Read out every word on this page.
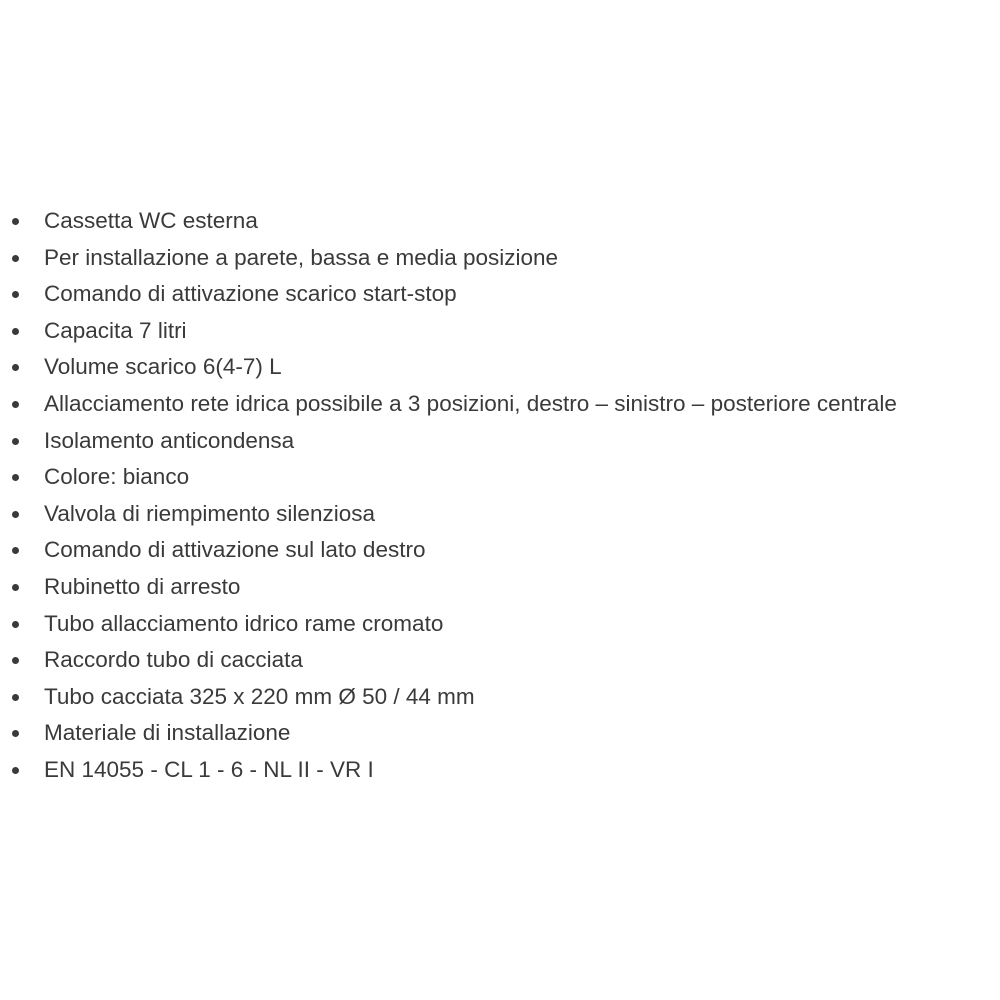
Cassetta WC esterna
Per installazione a parete, bassa e media posizione
Comando di attivazione scarico start-stop
Capacita 7 litri
Volume scarico 6(4-7) L
Allacciamento rete idrica possibile a 3 posizioni, destro – sinistro – posteriore centrale
Isolamento anticondensa
Colore: bianco
Valvola di riempimento silenziosa
Comando di attivazione sul lato destro
Rubinetto di arresto
Tubo allacciamento idrico rame cromato
Raccordo tubo di cacciata
Tubo cacciata 325 x 220 mm Ø 50 / 44 mm
Materiale di installazione
EN 14055 - CL 1 - 6 - NL II - VR I
